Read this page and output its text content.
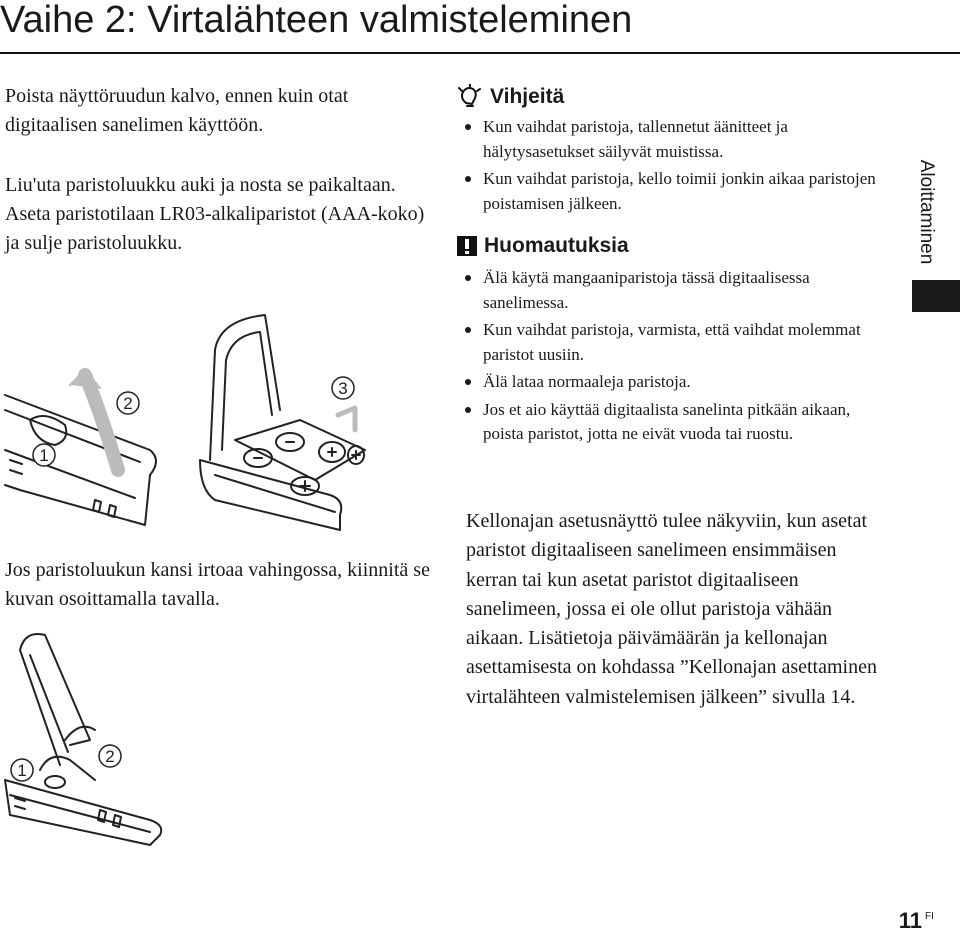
Vaihe 2: Virtalähteen valmisteleminen

Poista näyttöruudun kalvo, ennen kuin otat digitaalisen sanelimen käyttöön.

Liu'uta paristoluukku auki ja nosta se paikaltaan. Aseta paristotilaan LR03-alkaliparistot (AAA-koko) ja sulje paristoluukku.

1
2
3

Jos paristoluukun kansi irtoaa vahingossa, kiinnitä se kuvan osoittamalla tavalla.

1
2
Vihjeitä
Kun vaihdat paristoja, tallennetut äänitteet ja hälytysasetukset säilyvät muistissa.
Kun vaihdat paristoja, kello toimii jonkin aikaa paristojen poistamisen jälkeen.
Huomautuksia
Älä käytä mangaaniparistoja tässä digitaalisessa sanelimessa.
Kun vaihdat paristoja, varmista, että vaihdat molemmat paristot uusiin.
Älä lataa normaaleja paristoja.
Jos et aio käyttää digitaalista sanelinta pitkään aikaan, poista paristot, jotta ne eivät vuoda tai ruostu.

Kellonajan asetusnäyttö tulee näkyviin, kun asetat paristot digitaaliseen sanelimeen ensimmäisen kerran tai kun asetat paristot digitaaliseen sanelimeen, jossa ei ole ollut paristoja vähään aikaan. Lisätietoja päivämäärän ja kellonajan asettamisesta on kohdassa ”Kellonajan asettaminen virtalähteen valmistelemisen jälkeen” sivulla 14.

Aloittaminen
11 FI
